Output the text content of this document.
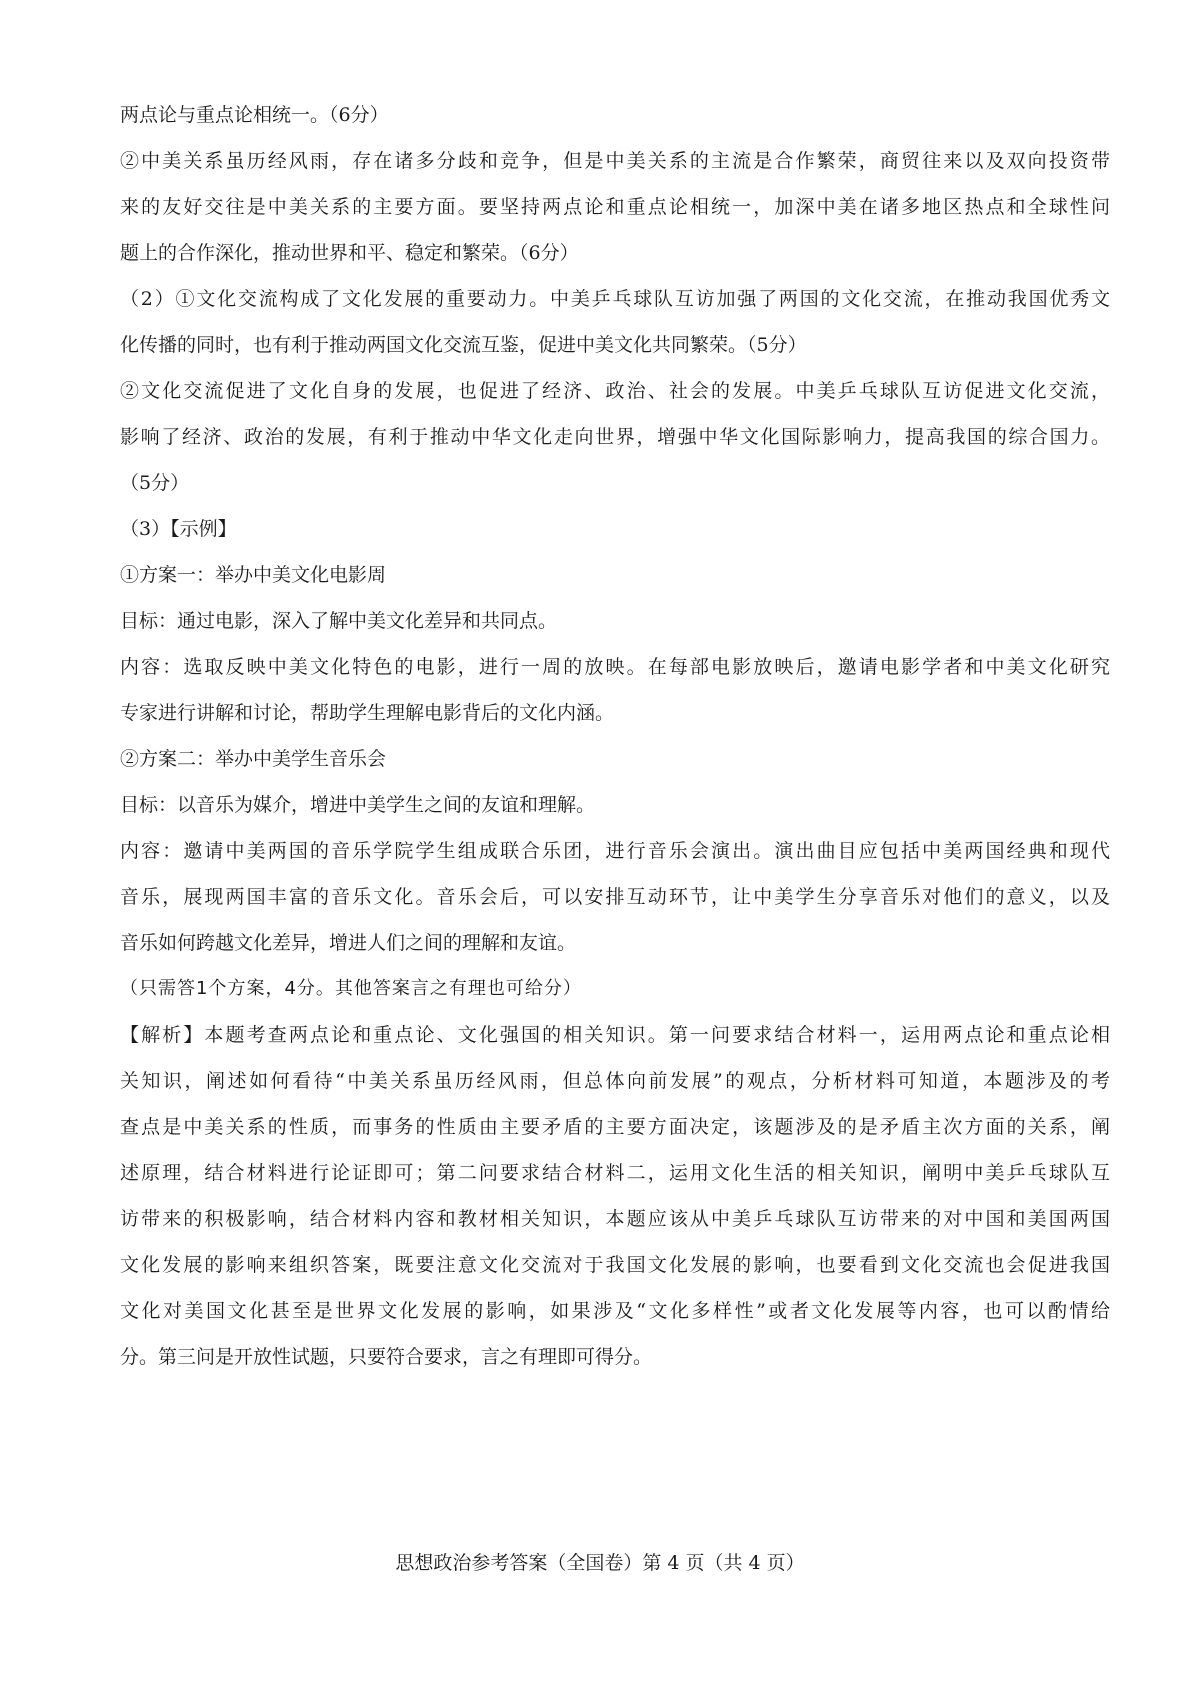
两点论与重点论相统一。（6分）
②中美关系虽历经风雨，存在诸多分歧和竞争，但是中美关系的主流是合作繁荣，商贸往来以及双向投资带
来的友好交往是中美关系的主要方面。要坚持两点论和重点论相统一，加深中美在诸多地区热点和全球性问
题上的合作深化，推动世界和平、稳定和繁荣。（6分）
（2）①文化交流构成了文化发展的重要动力。中美乒乓球队互访加强了两国的文化交流，在推动我国优秀文
化传播的同时，也有利于推动两国文化交流互鉴，促进中美文化共同繁荣。（5分）
②文化交流促进了文化自身的发展，也促进了经济、政治、社会的发展。中美乒乓球队互访促进文化交流，
影响了经济、政治的发展，有利于推动中华文化走向世界，增强中华文化国际影响力，提高我国的综合国力。
（5分）
（3）【示例】
①方案一：举办中美文化电影周
目标：通过电影，深入了解中美文化差异和共同点。
内容：选取反映中美文化特色的电影，进行一周的放映。在每部电影放映后，邀请电影学者和中美文化研究
专家进行讲解和讨论，帮助学生理解电影背后的文化内涵。
②方案二：举办中美学生音乐会
目标：以音乐为媒介，增进中美学生之间的友谊和理解。
内容：邀请中美两国的音乐学院学生组成联合乐团，进行音乐会演出。演出曲目应包括中美两国经典和现代
音乐，展现两国丰富的音乐文化。音乐会后，可以安排互动环节，让中美学生分享音乐对他们的意义，以及
音乐如何跨越文化差异，增进人们之间的理解和友谊。
（只需答1个方案，4分。其他答案言之有理也可给分）
【解析】本题考查两点论和重点论、文化强国的相关知识。第一问要求结合材料一，运用两点论和重点论相
关知识，阐述如何看待“中美关系虽历经风雨，但总体向前发展”的观点，分析材料可知道，本题涉及的考
查点是中美关系的性质，而事务的性质由主要矛盾的主要方面决定，该题涉及的是矛盾主次方面的关系，阐
述原理，结合材料进行论证即可；第二问要求结合材料二，运用文化生活的相关知识，阐明中美乒乓球队互
访带来的积极影响，结合材料内容和教材相关知识，本题应该从中美乒乓球队互访带来的对中国和美国两国
文化发展的影响来组织答案，既要注意文化交流对于我国文化发展的影响，也要看到文化交流也会促进我国
文化对美国文化甚至是世界文化发展的影响，如果涉及“文化多样性”或者文化发展等内容，也可以酌情给
分。第三问是开放性试题，只要符合要求，言之有理即可得分。
思想政治参考答案（全国卷）第 4 页（共 4 页）
